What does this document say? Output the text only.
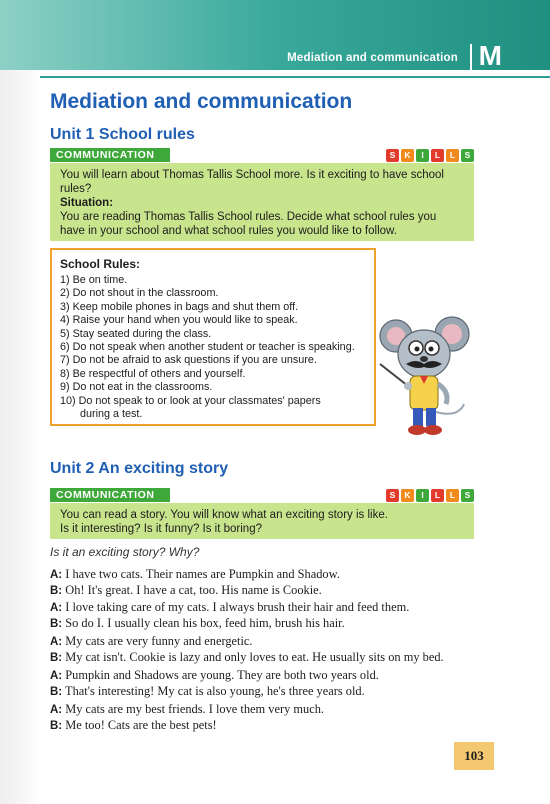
Mediation and communication M
Mediation and communication
Unit 1 School rules
COMMUNICATION	S	K	I	L	L	S
You will learn about Thomas Tallis School more. Is it exciting to have school rules?
Situation:
You are reading Thomas Tallis School rules. Decide what school rules you have in your school and what school rules you would like to follow.
School Rules:
1) Be on time.
2) Do not shout in the classroom.
3) Keep mobile phones in bags and shut them off.
4) Raise your hand when you would like to speak.
5) Stay seated during the class.
6) Do not speak when another student or teacher is speaking.
7) Do not be afraid to ask questions if you are unsure.
8) Be respectful of others and yourself.
9) Do not eat in the classrooms.
10) Do not speak to or look at your classmates' papers
during a test.
Unit 2 An exciting story
COMMUNICATION	S	K	I	L	L	S
You can read a story. You will know what an exciting story is like.
Is it interesting? Is it funny? Is it boring?
Is it an exciting story? Why?
A: I have two cats. Their names are Pumpkin and Shadow.
B: Oh! It's great. I have a cat, too. His name is Cookie.
A: I love taking care of my cats. I always brush their hair and feed them.
B: So do I. I usually clean his box, feed him, brush his hair.
A: My cats are very funny and energetic.
B: My cat isn't. Cookie is lazy and only loves to eat. He usually sits on my bed.
A: Pumpkin and Shadows are young. They are both two years old.
B: That's interesting! My cat is also young, he's three years old.
A: My cats are my best friends. I love them very much.
B: Me too! Cats are the best pets!
103
